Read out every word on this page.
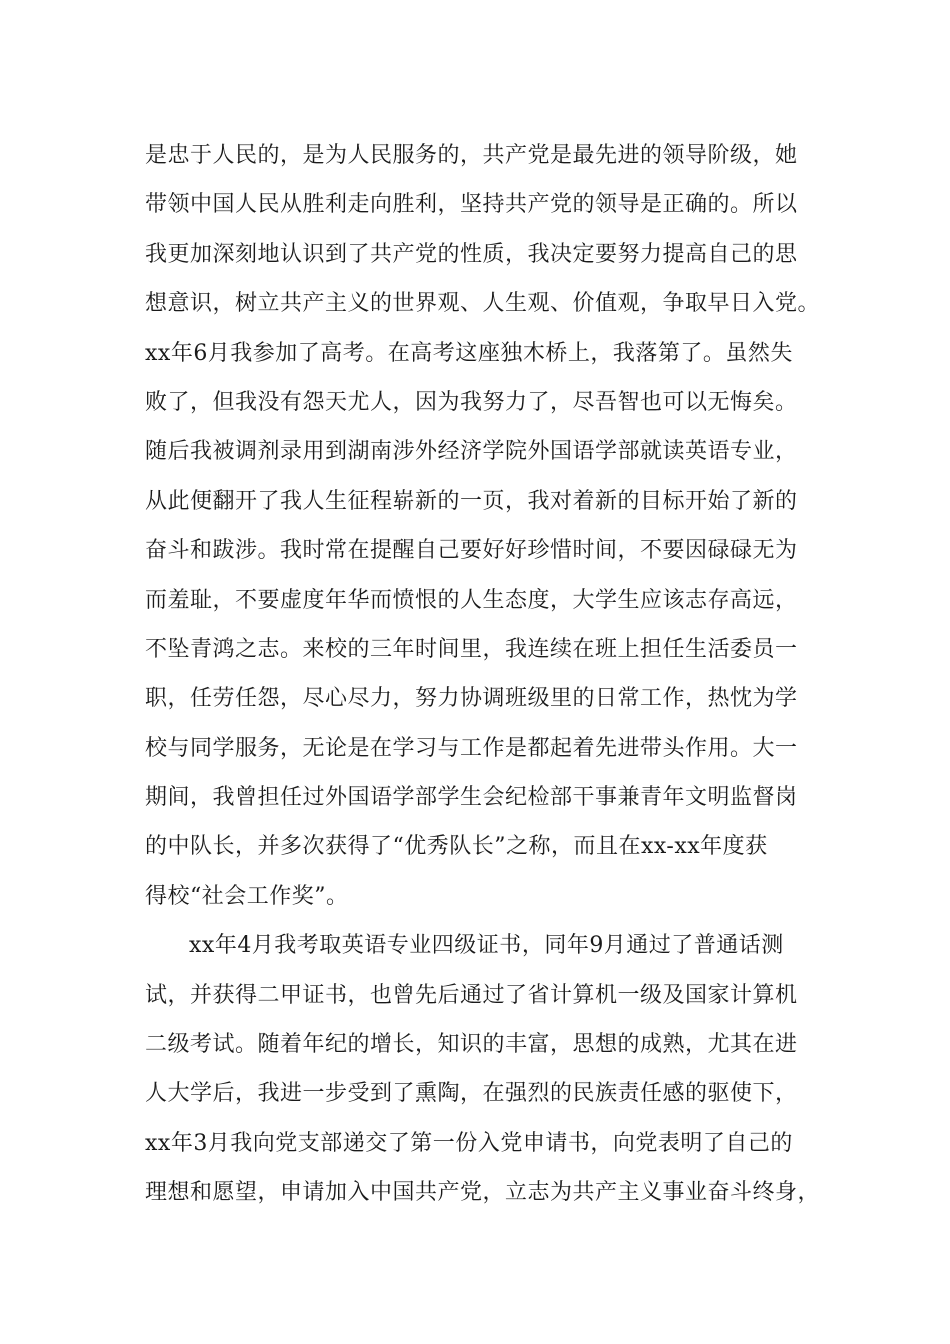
是忠于人民的，是为人民服务的，共产党是最先进的领导阶级，她
带领中国人民从胜利走向胜利，坚持共产党的领导是正确的。所以
我更加深刻地认识到了共产党的性质，我决定要努力提高自己的思
想意识，树立共产主义的世界观、人生观、价值观，争取早日入党。
xx年6月我参加了高考。在高考这座独木桥上，我落第了。虽然失
败了，但我没有怨天尤人，因为我努力了，尽吾智也可以无悔矣。
随后我被调剂录用到湖南涉外经济学院外国语学部就读英语专业，
从此便翻开了我人生征程崭新的一页，我对着新的目标开始了新的
奋斗和跋涉。我时常在提醒自己要好好珍惜时间，不要因碌碌无为
而羞耻，不要虚度年华而愤恨的人生态度，大学生应该志存高远，
不坠青鸿之志。来校的三年时间里，我连续在班上担任生活委员一
职，任劳任怨，尽心尽力，努力协调班级里的日常工作，热忱为学
校与同学服务，无论是在学习与工作是都起着先进带头作用。大一
期间，我曾担任过外国语学部学生会纪检部干事兼青年文明监督岗
的中队长，并多次获得了“优秀队长”之称，而且在xx-xx年度获
得校“社会工作奖”。
xx年4月我考取英语专业四级证书，同年9月通过了普通话测
试，并获得二甲证书，也曾先后通过了省计算机一级及国家计算机
二级考试。随着年纪的增长，知识的丰富，思想的成熟，尤其在进
人大学后，我进一步受到了熏陶，在强烈的民族责任感的驱使下，
xx年3月我向党支部递交了第一份入党申请书，向党表明了自己的
理想和愿望，申请加入中国共产党，立志为共产主义事业奋斗终身，
